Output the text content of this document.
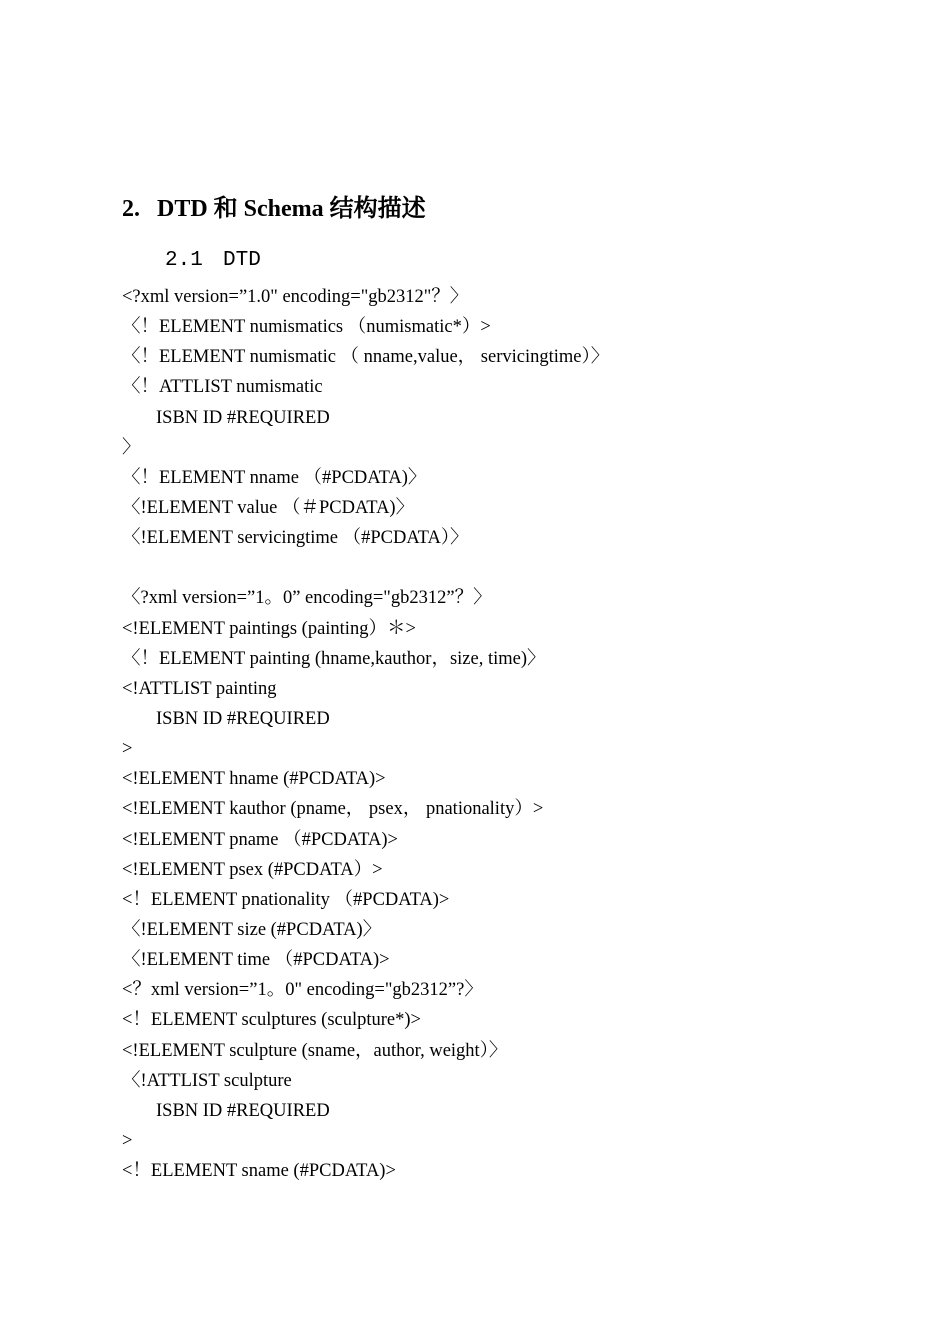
2. DTD 和 Schema 结构描述
2.1 DTD
<?xml version=”1.0" encoding="gb2312"？〉
〈！ELEMENT numismatics （numismatic*）>
〈！ELEMENT numismatic （ nname,value， servicingtime）〉
〈！ATTLIST numismatic
ISBN ID #REQUIRED
〉
〈！ELEMENT nname （#PCDATA)〉
〈!ELEMENT value （＃PCDATA)〉
〈!ELEMENT servicingtime （#PCDATA）〉
〈?xml version=”1。0” encoding="gb2312”？〉
<!ELEMENT paintings (painting）＊>
〈！ELEMENT painting (hname,kauthor，size, time)〉
<!ATTLIST painting
ISBN ID #REQUIRED
>
<!ELEMENT hname (#PCDATA)>
<!ELEMENT kauthor (pname， psex， pnationality）>
<!ELEMENT pname （#PCDATA)>
<!ELEMENT psex (#PCDATA）>
<！ELEMENT pnationality （#PCDATA)>
〈!ELEMENT size (#PCDATA)〉
〈!ELEMENT time （#PCDATA)>
<？xml version=”1。0" encoding="gb2312”?〉
<！ELEMENT sculptures (sculpture*)>
<!ELEMENT sculpture (sname，author, weight）〉
〈!ATTLIST sculpture
ISBN ID #REQUIRED
>
<！ELEMENT sname (#PCDATA)>
